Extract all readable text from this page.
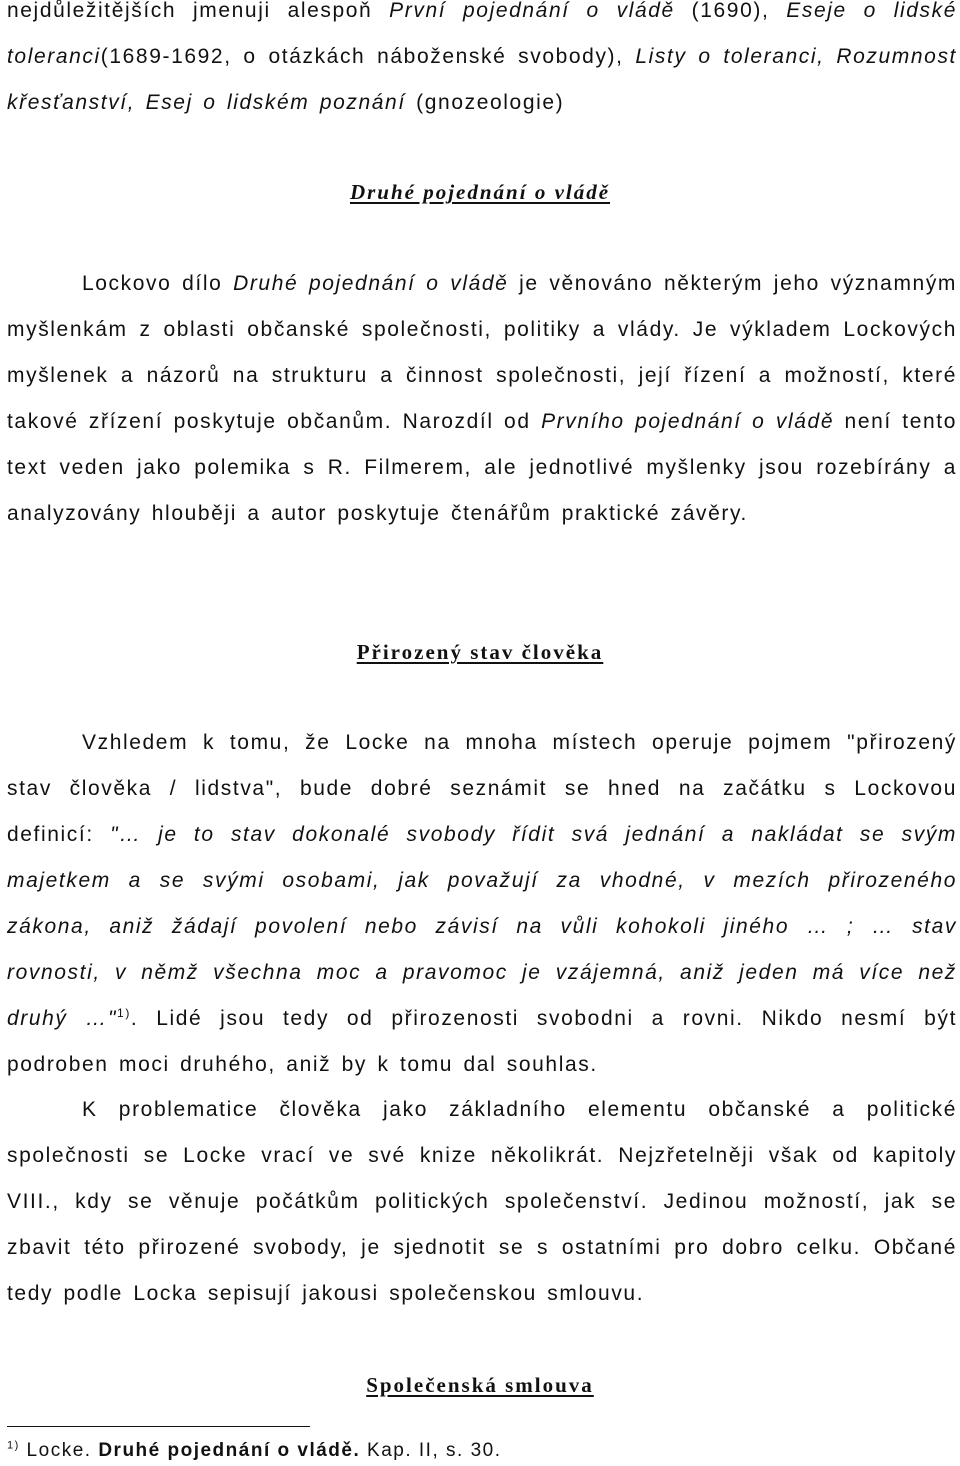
nejdůležitějších jmenuji alespoň První pojednání o vládě (1690), Eseje o lidské toleranci(1689-1692, o otázkách náboženské svobody), Listy o toleranci, Rozumnost křesťanství, Esej o lidském poznání (gnozeologie)

Druhé pojednání o vládě

Lockovo dílo Druhé pojednání o vládě je věnováno některým jeho významným myšlenkám z oblasti občanské společnosti, politiky a vlády. Je výkladem Lockových myšlenek a názorů na strukturu a činnost společnosti, její řízení a možností, které takové zřízení poskytuje občanům. Narozdíl od Prvního pojednání o vládě není tento text veden jako polemika s R. Filmerem, ale jednotlivé myšlenky jsou rozebírány a analyzovány hlouběji a autor poskytuje čtenářům praktické závěry.

Přirozený stav člověka

Vzhledem k tomu, že Locke na mnoha místech operuje pojmem "přirozený stav člověka / lidstva", bude dobré seznámit se hned na začátku s Lockovou definicí: "… je to stav dokonalé svobody řídit svá jednání a nakládat se svým majetkem a se svými osobami, jak považují za vhodné, v mezích přirozeného zákona, aniž žádají povolení nebo závisí na vůli kohokoli jiného … ; … stav rovnosti, v němž všechna moc a pravomoc je vzájemná, aniž jeden má více než druhý …"$^{1)}$. Lidé jsou tedy od přirozenosti svobodni a rovni. Nikdo nesmí být podroben moci druhého, aniž by k tomu dal souhlas.

K problematice člověka jako základního elementu občanské a politické společnosti se Locke vrací ve své knize několikrát. Nejzřetelněji však od kapitoly VIII., kdy se věnuje počátkům politických společenství. Jedinou možností, jak se zbavit této přirozené svobody, je sjednotit se s ostatními pro dobro celku. Občané tedy podle Locka sepisují jakousi společenskou smlouvu.

Společenská smlouva
$^{1)}$ Locke. Druhé pojednání o vládě. Kap. II, s. 30.
